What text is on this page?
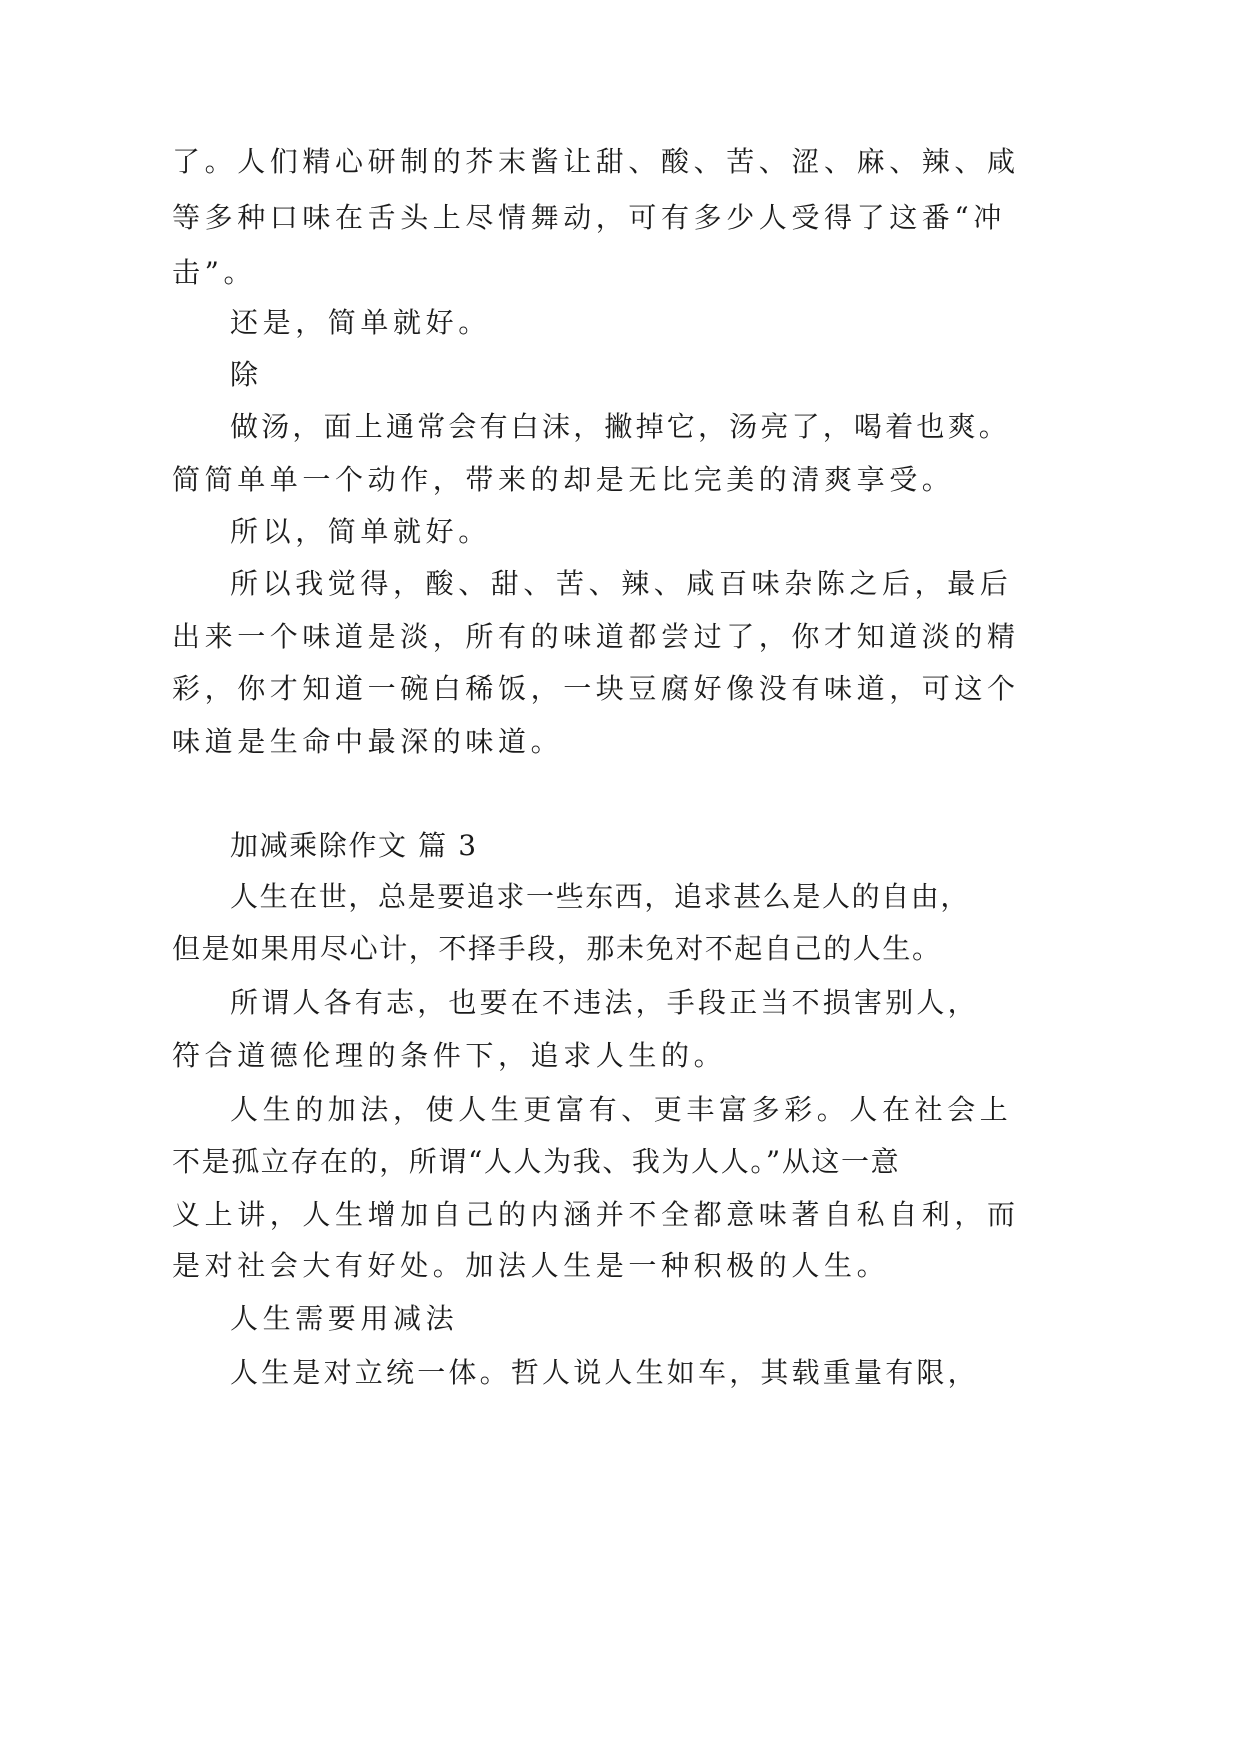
了。人们精心研制的芥末酱让甜、酸、苦、涩、麻、辣、咸
等多种口味在舌头上尽情舞动，可有多少人受得了这番“冲
击”。
还是，简单就好。
除
做汤，面上通常会有白沫，撇掉它，汤亮了，喝着也爽。
简简单单一个动作，带来的却是无比完美的清爽享受。
所以，简单就好。
所以我觉得，酸、甜、苦、辣、咸百味杂陈之后，最后
出来一个味道是淡，所有的味道都尝过了，你才知道淡的精
彩，你才知道一碗白稀饭，一块豆腐好像没有味道，可这个
味道是生命中最深的味道。
加减乘除作文 篇 3
人生在世，总是要追求一些东西，追求甚么是人的自由，
但是如果用尽心计，不择手段，那未免对不起自己的人生。
所谓人各有志，也要在不违法，手段正当不损害别人，
符合道德伦理的条件下，追求人生的。
人生的加法，使人生更富有、更丰富多彩。人在社会上
不是孤立存在的，所谓“人人为我、我为人人。”从这一意
义上讲，人生增加自己的内涵并不全都意味著自私自利，而
是对社会大有好处。加法人生是一种积极的人生。
人生需要用减法
人生是对立统一体。哲人说人生如车，其载重量有限，
